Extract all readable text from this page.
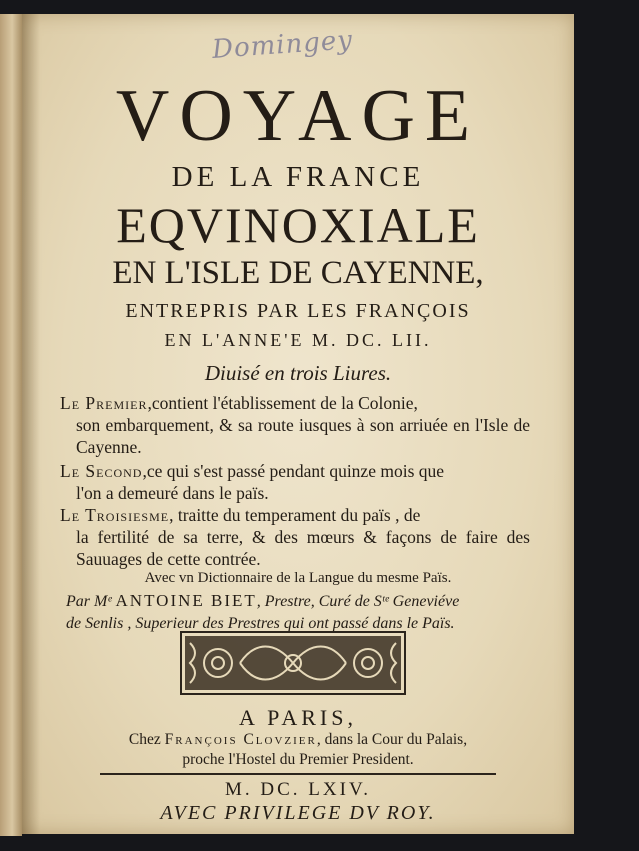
Domingey
VOYAGE
DE LA FRANCE
EQVINOXIALE
EN L'ISLE DE CAYENNE,
ENTREPRIS PAR LES FRANÇOIS
EN L'ANNE'E M. DC. LII.
Diuisé en trois Liures.
Le Premier,contient l'établissement de la Colonie,
son embarquement, & sa route iusques à son arriuée en l'Isle de Cayenne.
Le Second,ce qui s'est passé pendant quinze mois que
l'on a demeuré dans le païs.
Le Troisiesme, traitte du temperament du païs , de
la fertilité de sa terre, & des mœurs & façons de faire des Sauuages de cette contrée.
Avec vn Dictionnaire de la Langue du mesme Païs.
Par Mᵉ ANTOINE BIET, Prestre, Curé de Sᵗᵉ Geneviéve
de Senlis , Superieur des Prestres qui ont passé dans le Païs.
A PARIS,
Chez François Clovzier, dans la Cour du Palais,
proche l'Hostel du Premier President.
M. DC. LXIV.
AVEC PRIVILEGE DV ROY.
